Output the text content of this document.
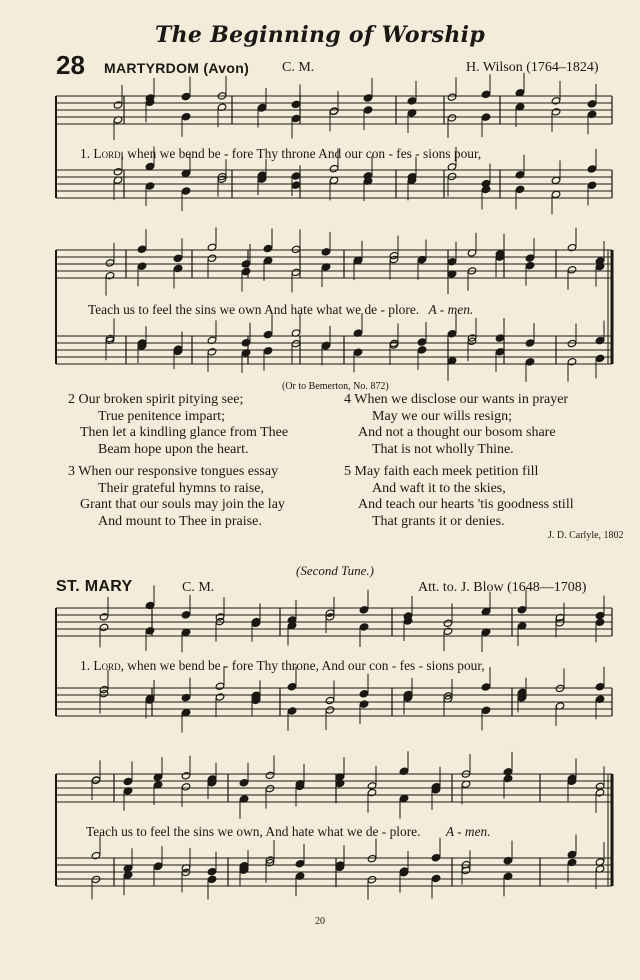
The Beginning of Worship
28 MARTYRDOM (Avon) C. M.	H. Wilson (1764–1824)
1. Lord, when we bend be - fore Thy throne And our con - fes - sions pour,
Teach us to feel the sins we own And hate what we de - plore. A - men.
(Or to Bemerton, No. 872)
2 Our broken spirit pitying see;
True penitence impart;
Then let a kindling glance from Thee
Beam hope upon the heart.
3 When our responsive tongues essay
Their grateful hymns to raise,
Grant that our souls may join the lay
And mount to Thee in praise.
4 When we disclose our wants in prayer
May we our wills resign;
And not a thought our bosom share
That is not wholly Thine.
5 May faith each meek petition fill
And waft it to the skies,
And teach our hearts 'tis goodness still
That grants it or denies.
J. D. Carlyle, 1802
(Second Tune.)
ST. MARY	C. M.	Att. to. J. Blow (1648—1708)
1. Lord, when we bend be - fore Thy throne, And our con - fes - sions pour,
Teach us to feel the sins we own, And hate what we de - plore. A - men.
20
